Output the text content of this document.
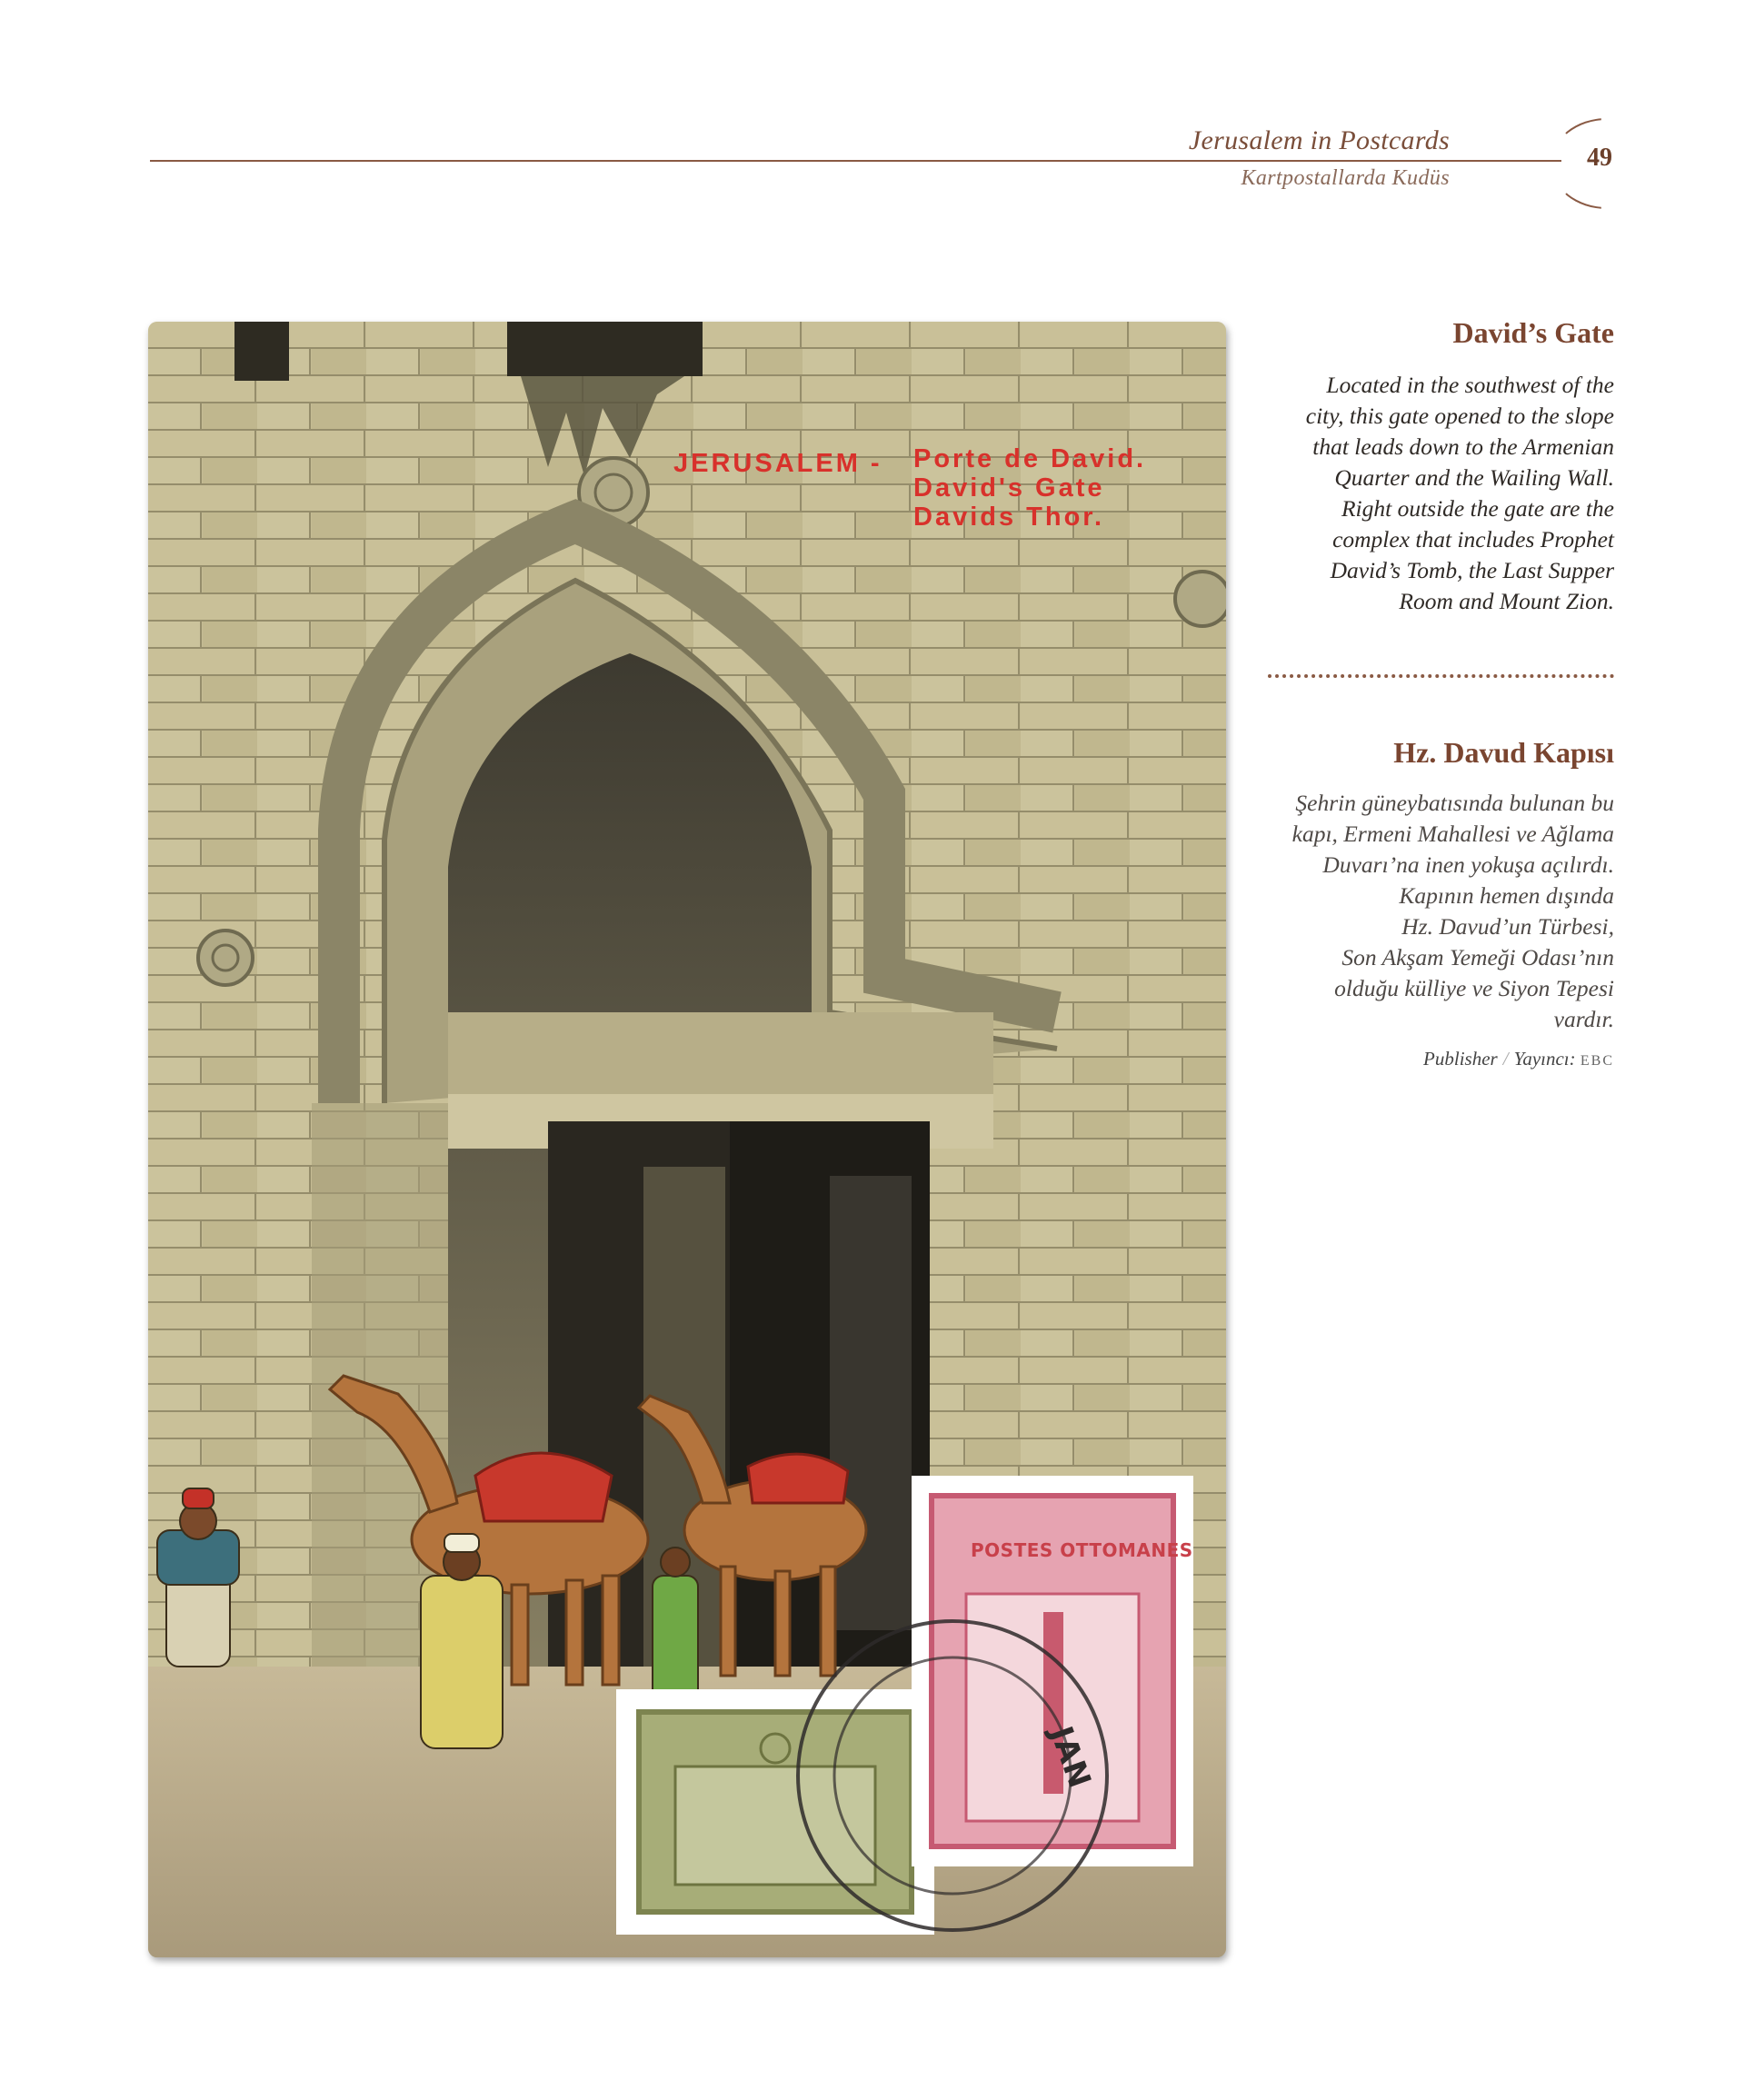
Jerusalem in Postcards
Kartpostallarda Kudüs
49
JERUSALEM - Porte de David.
David's Gate
Davids Thor.
POSTES OTTOMANES
JAN
David’s Gate
Located in the southwest of the
city, this gate opened to the slope
that leads down to the Armenian
Quarter and the Wailing Wall.
Right outside the gate are the
complex that includes Prophet
David’s Tomb, the Last Supper
Room and Mount Zion.
Hz. Davud Kapısı
Şehrin güneybatısında bulunan bu
kapı, Ermeni Mahallesi ve Ağlama
Duvarı’na inen yokuşa açılırdı.
Kapının hemen dışında
Hz. Davud’un Türbesi,
Son Akşam Yemeği Odası’nın
olduğu külliye ve Siyon Tepesi
vardır.
Publisher / Yayıncı: EBC
